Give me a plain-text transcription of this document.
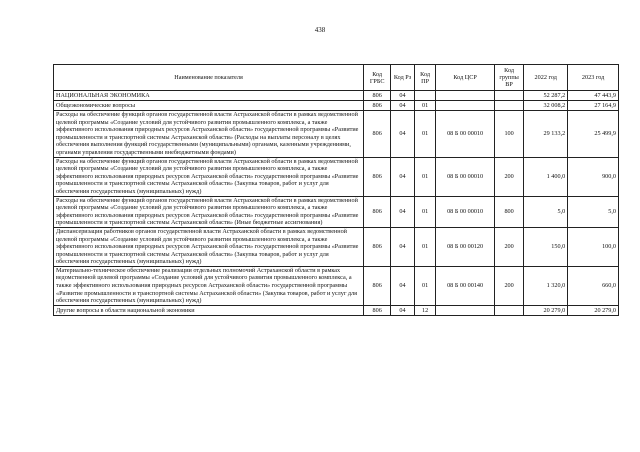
438
Наименование показателя	Код ГРБС	Код Рз	Код ПР	Код ЦСР	Код группы ВР	2022 год	2023 год
НАЦИОНАЛЬНАЯ ЭКОНОМИКА	806	04				52 287,2	47 443,9
Общеэкономические вопросы	806	04	01			32 008,2	27 164,9
Расходы на обеспечение функций органов государственной власти Астраханской области в рамках ведомственной целевой программы «Создание условий для устойчивого развития промышленного комплекса, а также эффективного использования природных ресурсов Астраханской области» государственной программы «Развитие промышленности и транспортной системы Астраханской области» (Расходы на выплаты персоналу в целях обеспечения выполнения функций государственными (муниципальными) органами, казенными учреждениями, органами управления государственными внебюджетными фондами)	806	04	01	08 Б 00 00010	100	29 133,2	25 499,9
Расходы на обеспечение функций органов государственной власти Астраханской области в рамках ведомственной целевой программы «Создание условий для устойчивого развития промышленного комплекса, а также эффективного использования природных ресурсов Астраханской области» государственной программы «Развитие промышленности и транспортной системы Астраханской области» (Закупка товаров, работ и услуг для обеспечения государственных (муниципальных) нужд)	806	04	01	08 Б 00 00010	200	1 400,0	900,0
Расходы на обеспечение функций органов государственной власти Астраханской области в рамках ведомственной целевой программы «Создание условий для устойчивого развития промышленного комплекса, а также эффективного использования природных ресурсов Астраханской области» государственной программы «Развитие промышленности и транспортной системы Астраханской области» (Иные бюджетные ассигнования)	806	04	01	08 Б 00 00010	800	5,0	5,0
Диспансеризация работников органов государственной власти Астраханской области в рамках ведомственной целевой программы «Создание условий для устойчивого развития промышленного комплекса, а также эффективного использования природных ресурсов Астраханской области» государственной программы «Развитие промышленности и транспортной системы Астраханской области» (Закупка товаров, работ и услуг для обеспечения государственных (муниципальных) нужд)	806	04	01	08 Б 00 00120	200	150,0	100,0
Материально-техническое обеспечение реализации отдельных полномочий Астраханской области в рамках ведомственной целевой программы «Создание условий для устойчивого развития промышленного комплекса, а также эффективного использования природных ресурсов Астраханской области» государственной программы «Развитие промышленности и транспортной системы Астраханской области» (Закупка товаров, работ и услуг для обеспечения государственных (муниципальных) нужд)	806	04	01	08 Б 00 00140	200	1 320,0	660,0
Другие вопросы в области национальной экономики	806	04	12			20 279,0	20 279,0
